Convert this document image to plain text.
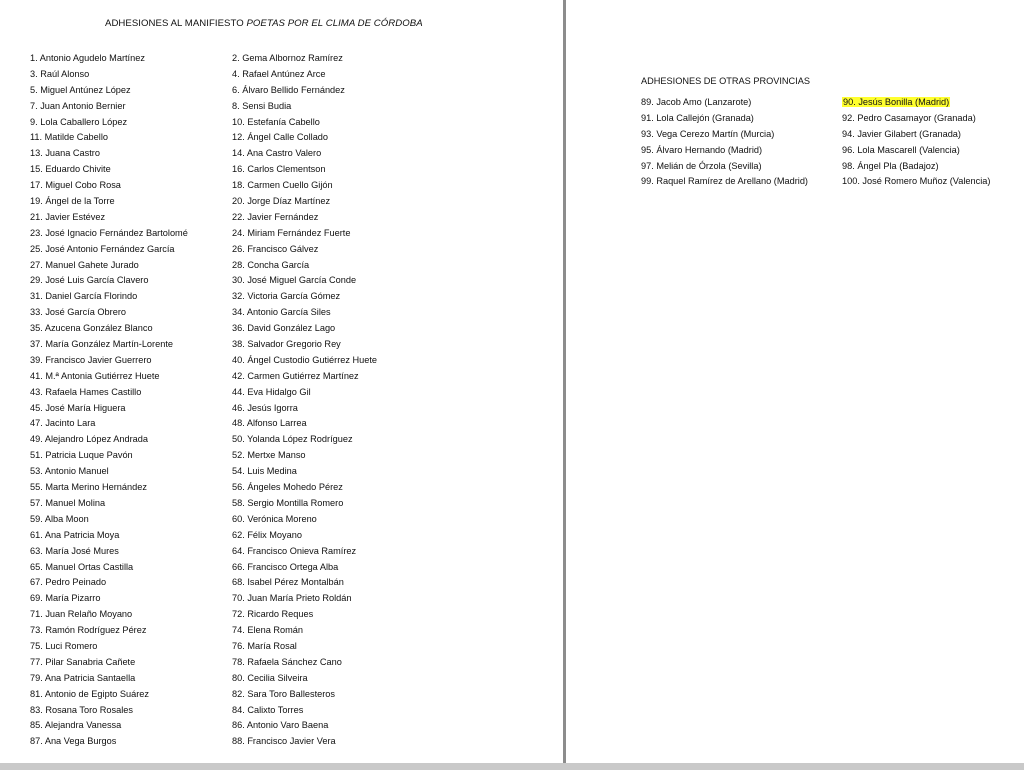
ADHESIONES AL MANIFIESTO POETAS POR EL CLIMA DE CÓRDOBA
1. Antonio Agudelo Martínez
3. Raúl Alonso
5. Miguel Antúnez López
7. Juan Antonio Bernier
9. Lola Caballero López
11. Matilde Cabello
13. Juana Castro
15. Eduardo Chivite
17. Miguel Cobo Rosa
19. Ángel de la Torre
21. Javier Estévez
23. José Ignacio Fernández Bartolomé
25. José Antonio Fernández García
27. Manuel Gahete Jurado
29. José Luis García Clavero
31. Daniel García Florindo
33. José García Obrero
35. Azucena González Blanco
37. María González Martín-Lorente
39. Francisco Javier Guerrero
41. M.ª Antonia Gutiérrez Huete
43. Rafaela Hames Castillo
45. José María Higuera
47. Jacinto Lara
49. Alejandro López Andrada
51. Patricia Luque Pavón
53. Antonio Manuel
55. Marta Merino Hernández
57. Manuel Molina
59. Alba Moon
61. Ana Patricia Moya
63. María José Mures
65. Manuel Ortas Castilla
67. Pedro Peinado
69. María Pizarro
71. Juan Relaño Moyano
73. Ramón Rodríguez Pérez
75. Luci Romero
77. Pilar Sanabria Cañete
79. Ana Patricia Santaella
81. Antonio de Egipto Suárez
83. Rosana Toro Rosales
85. Alejandra Vanessa
87. Ana Vega Burgos
2. Gema Albornoz Ramírez
4. Rafael Antúnez Arce
6. Álvaro Bellido Fernández
8. Sensi Budia
10. Estefanía Cabello
12. Ángel Calle Collado
14. Ana Castro Valero
16. Carlos Clementson
18. Carmen Cuello Gijón
20. Jorge Díaz Martínez
22. Javier Fernández
24. Miriam Fernández Fuerte
26. Francisco Gálvez
28. Concha García
30. José Miguel García Conde
32. Victoria García Gómez
34. Antonio García Siles
36. David González Lago
38. Salvador Gregorio Rey
40. Ángel Custodio Gutiérrez Huete
42. Carmen Gutiérrez Martínez
44. Eva Hidalgo Gil
46. Jesús Igorra
48. Alfonso Larrea
50. Yolanda López Rodríguez
52. Mertxe Manso
54. Luis Medina
56. Ángeles Mohedo Pérez
58. Sergio Montilla Romero
60. Verónica Moreno
62. Félix Moyano
64. Francisco Onieva Ramírez
66. Francisco Ortega Alba
68. Isabel Pérez Montalbán
70. Juan María Prieto Roldán
72. Ricardo Reques
74. Elena Román
76. María Rosal
78. Rafaela Sánchez Cano
80. Cecilia Silveira
82. Sara Toro Ballesteros
84. Calixto Torres
86. Antonio Varo Baena
88. Francisco Javier Vera
ADHESIONES DE OTRAS PROVINCIAS
89. Jacob Amo (Lanzarote)
91. Lola Callejón (Granada)
93. Vega Cerezo Martín (Murcia)
95. Álvaro Hernando (Madrid)
97. Melián de Órzola (Sevilla)
99. Raquel Ramírez de Arellano (Madrid)
90. Jesús Bonilla (Madrid)
92. Pedro Casamayor (Granada)
94. Javier Gilabert (Granada)
96. Lola Mascarell (Valencia)
98. Ángel Pla (Badajoz)
100. José Romero Muñoz (Valencia)
